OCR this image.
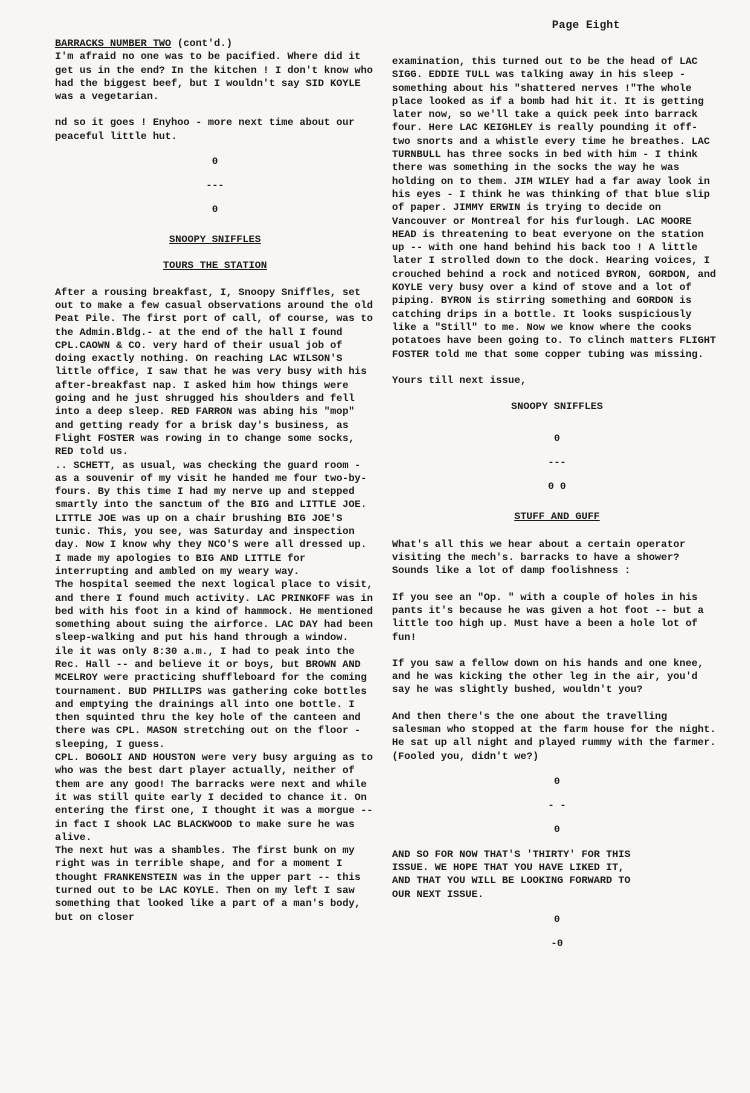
Page Eight

BARRACKS NUMBER TWO (cont'd.)

I'm afraid no one was to be pacified. Where did it get us in the end? In the kitchen ! I don't know who had the biggest beef, but I wouldn't say SID KOYLE was a vegetarian.

nd so it goes ! Enyhoo - more next time about our peaceful little hut.

0

---

0

SNOOPY SNIFFLES

TOURS THE STATION

After a rousing breakfast, I, Snoopy Sniffles, set out to make a few casual observations around the old Peat Pile. The first port of call, of course, was to the Admin.Bldg.- at the end of the hall I found CPL.CAOWN & CO. very hard of their usual job of doing exactly nothing. On reaching LAC WILSON'S little office, I saw that he was very busy with his after-breakfast nap. I asked him how things were going and he just shrugged his shoulders and fell into a deep sleep. RED FARRON was abing his "mop" and getting ready for a brisk day's business, as Flight FOSTER was rowing in to change some socks, RED told us.

.. SCHETT, as usual, was checking the guard room - as a souvenir of my visit he handed me four two-by-fours. By this time I had my nerve up and stepped smartly into the sanctum of the BIG and LITTLE JOE. LITTLE JOE was up on a chair brushing BIG JOE'S tunic. This, you see, was Saturday and inspection day. Now I know why they NCO'S were all dressed up. I made my apologies to BIG AND LITTLE for interrupting and ambled on my weary way.

The hospital seemed the next logical place to visit, and there I found much activity. LAC PRINKOFF was in bed with his foot in a kind of hammock. He mentioned something about suing the airforce. LAC DAY had been sleep-walking and put his hand through a window.

ile it was only 8:30 a.m., I had to peak into the Rec. Hall -- and believe it or boys, but BROWN AND MCELROY were practicing shuffleboard for the coming tournament. BUD PHILLIPS was gathering coke bottles and emptying the drainings all into one bottle. I then squinted thru the key hole of the canteen and there was CPL. MASON stretching out on the floor - sleeping, I guess.

CPL. BOGOLI AND HOUSTON were very busy arguing as to who was the best dart player actually, neither of them are any good! The barracks were next and while it was still quite early I decided to chance it. On entering the first one, I thought it was a morgue -- in fact I shook LAC BLACKWOOD to make sure he was alive.

The next hut was a shambles. The first bunk on my right was in terrible shape, and for a moment I thought FRANKENSTEIN was in the upper part -- this turned out to be LAC KOYLE. Then on my left I saw something that looked like a part of a man's body, but on closer

examination, this turned out to be the head of LAC SIGG. EDDIE TULL was talking away in his sleep - something about his "shattered nerves !"The whole place looked as if a bomb had hit it. It is getting later now, so we'll take a quick peek into barrack four. Here LAC KEIGHLEY is really pounding it off- two snorts and a whistle every time he breathes. LAC TURNBULL has three socks in bed with him - I think there was something in the socks the way he was holding on to them. JIM WILEY had a far away look in his eyes - I think he was thinking of that blue slip of paper. JIMMY ERWIN is trying to decide on Vancouver or Montreal for his furlough. LAC MOORE HEAD is threatening to beat everyone on the station up -- with one hand behind his back too ! A little later I strolled down to the dock. Hearing voices, I crouched behind a rock and noticed BYRON, GORDON, and KOYLE very busy over a kind of stove and a lot of piping. BYRON is stirring something and GORDON is catching drips in a bottle. It looks suspiciously like a "Still" to me. Now we know where the cooks potatoes have been going to. To clinch matters FLIGHT FOSTER told me that some copper tubing was missing.

Yours till next issue,

SNOOPY SNIFFLES

0

---

0 0

STUFF AND GUFF

What's all this we hear about a certain operator visiting the mech's. barracks to have a shower? Sounds like a lot of damp foolishness :

If you see an "Op. " with a couple of holes in his pants it's because he was given a hot foot -- but a little too high up. Must have a been a hole lot of fun!

If you saw a fellow down on his hands and one knee, and he was kicking the other leg in the air, you'd say he was slightly bushed, wouldn't you?

And then there's the one about the travelling salesman who stopped at the farm house for the night. He sat up all night and played rummy with the farmer. (Fooled you, didn't we?)

0

- -

0

AND SO FOR NOW THAT'S 'THIRTY' FOR THIS ISSUE. WE HOPE THAT YOU HAVE LIKED IT, AND THAT YOU WILL BE LOOKING FORWARD TO OUR NEXT ISSUE.

0

-0
